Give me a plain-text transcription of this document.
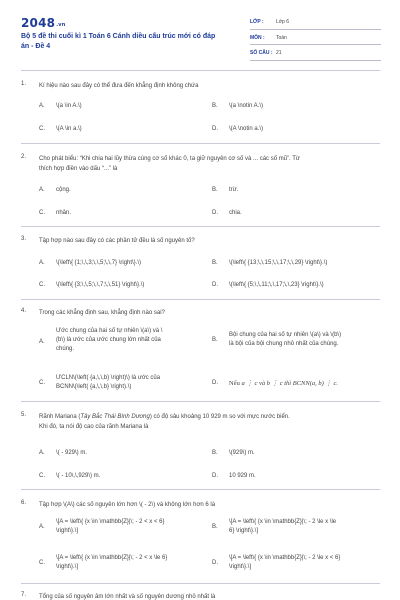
2048.vn
Bộ 5 đề thi cuối kì 1 Toán 6 Cánh diều cấu trúc mới có đáp án - Đề 4
LỚP : Lớp 6
MÔN : Toán
SỐ CÂU : 21
1.	Kí hiệu nào sau đây có thể đưa đến khẳng định không chứa
A.	\(a \in A.\)	B.	\(a \notin A.\)
C.	\(A \in a.\)	D.	\(A \notin a.\)
2.	Cho phát biểu: “Khi chia hai lũy thừa cùng cơ số khác 0, ta giữ nguyên cơ số và ... các số mũ”. Từ
thích hợp điền vào dấu “...” là
A.	cộng.	B.	trừ.
C.	nhân.	D.	chia.
3.	Tập hợp nào sau đây có các phần tử đều là số nguyên tố?
A.	\(\left\{ {1;\,\,3;\,\,5;\,\,7} \right\}.\)	B.	\(\left\{ {13;\,\,15;\,\,17;\,\,29} \right\}.\)
C.	\(\left\{ {3;\,\,5;\,\,7;\,\,51} \right\}.\)	D.	\(\left\{ {5;\,\,11;\,\,17;\,\,23} \right\}.\)
4.	Trong các khẳng định sau, khẳng định nào sai?
A.
Ước chung của hai số tự nhiên \(a\) và \
(b\) là ước của ước chung lớn nhất của
chúng.
B.
Bội chung của hai số tự nhiên \(a\) và \(b\)
là bội của bội chung nhỏ nhất của chúng.
C.
ƯCLN\(\left( {a,\,\,b} \right)\) là ước của
BCNN\(\left( {a,\,\,b} \right).\)
D.	Nếu a ⋮ c và b ⋮ c thì BCNN(a, b) ⋮ c.
5.	Rãnh Mariana (Tây Bắc Thái Bình Dương) có độ sâu khoảng 10 929 m so với mực nước biển.
Khi đó, ta nói độ cao của rãnh Mariana là
A.	\( - 929\) m.	B.	\(929\) m.
C.	\( - 10\,\,929\) m.	D.	10 929 m.
6.	Tập hợp \(A\) các số nguyên lớn hơn \( - 2\) và không lớn hơn 6 là
A.
\[A = \left\{ {x \in \mathbb{Z}|\; - 2 < x < 6}
\right\}.\]
B.
\[A = \left\{ {x \in \mathbb{Z}|\; - 2 \le x \le
6} \right\}.\]
C.
\[A = \left\{ {x \in \mathbb{Z}|\; - 2 < x \le 6}
\right\}.\]
D.
\[A = \left\{ {x \in \mathbb{Z}|\; - 2 \le x < 6}
\right\}.\]
7.	Tổng của số nguyên âm lớn nhất và số nguyên dương nhỏ nhất là
